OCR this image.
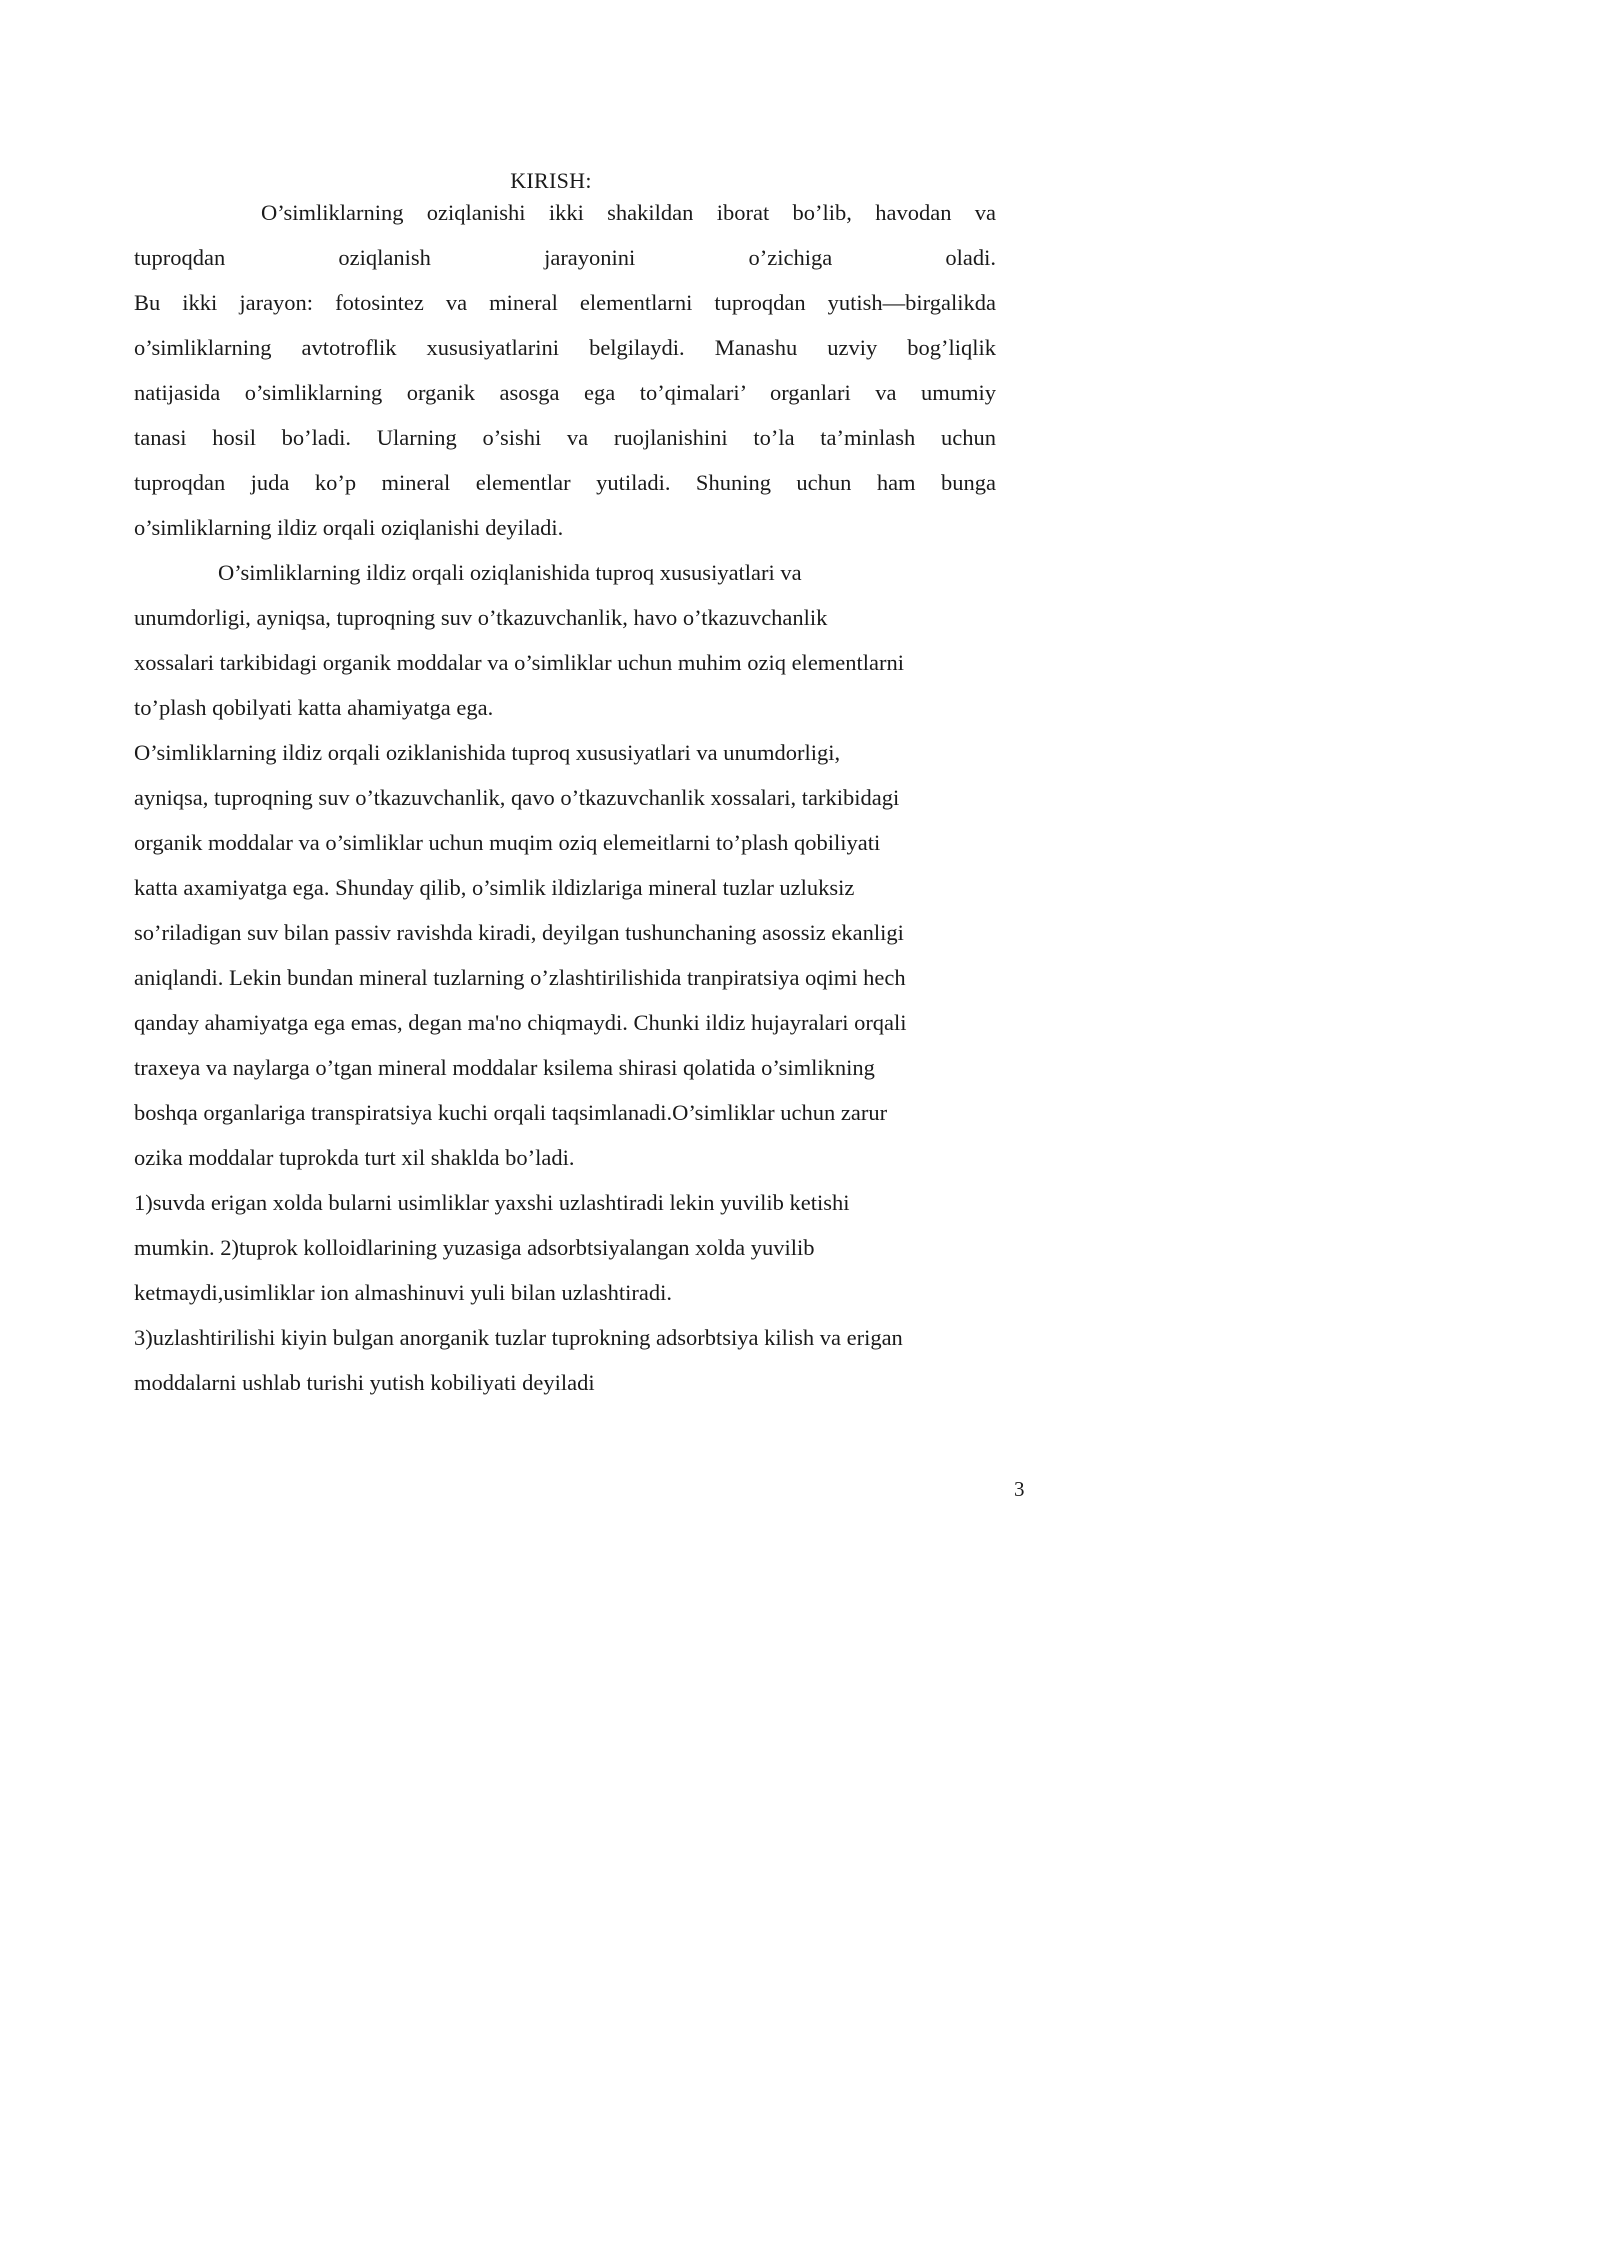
KIRISH:
O’simliklarning oziqlanishi ikki shakildan iborat bo’lib, havodan va
tuproqdan oziqlanish jarayonini o’zichiga oladi.
Bu ikki jarayon: fotosintez va mineral elementlarni tuproqdan yutish—birgalikda
o’simliklarning avtotroflik xususiyatlarini belgilaydi. Manashu uzviy bog’liqlik
natijasida o’simliklarning organik asosga ega to’qimalari’ organlari va umumiy
tanasi hosil bo’ladi. Ularning o’sishi va ruojlanishini to’la ta’minlash uchun
tuproqdan juda ko’p mineral elementlar yutiladi. Shuning uchun ham bunga
o’simliklarning ildiz orqali oziqlanishi deyiladi.
O’simliklarning ildiz orqali oziqlanishida tuproq xususiyatlari va
unumdorligi, ayniqsa, tuproqning suv o’tkazuvchanlik, havo o’tkazuvchanlik
xossalari tarkibidagi organik moddalar va o’simliklar uchun muhim oziq elementlarni
to’plash qobilyati katta ahamiyatga ega.
O’simliklarning ildiz orqali oziklanishida tuproq xususiyatlari va unumdorligi,
ayniqsa, tuproqning suv o’tkazuvchanlik, qavo o’tkazuvchanlik xossalari, tarkibidagi
organik moddalar va o’simliklar uchun muqim oziq elemeitlarni to’plash qobiliyati
katta axamiyatga ega. Shunday qilib, o’simlik ildizlariga mineral tuzlar uzluksiz
so’riladigan suv bilan passiv ravishda kiradi, deyilgan tushunchaning asossiz ekanligi
aniqlandi. Lekin bundan mineral tuzlarning o’zlashtirilishida tranpiratsiya oqimi hech
qanday ahamiyatga ega emas, degan ma'no chiqmaydi. Chunki ildiz hujayralari orqali
traxeya va naylarga o’tgan mineral moddalar ksilema shirasi qolatida o’simlikning
boshqa organlariga transpiratsiya kuchi orqali taqsimlanadi.O’simliklar uchun zarur
ozika moddalar tuprokda turt xil shaklda bo’ladi.
1)suvda erigan xolda bularni usimliklar yaxshi uzlashtiradi lekin yuvilib ketishi
mumkin. 2)tuprok kolloidlarining yuzasiga adsorbtsiyalangan xolda yuvilib
ketmaydi,usimliklar ion almashinuvi yuli bilan uzlashtiradi.
3)uzlashtirilishi kiyin bulgan anorganik tuzlar tuprokning adsorbtsiya kilish va erigan
moddalarni ushlab turishi yutish kobiliyati deyiladi
3
